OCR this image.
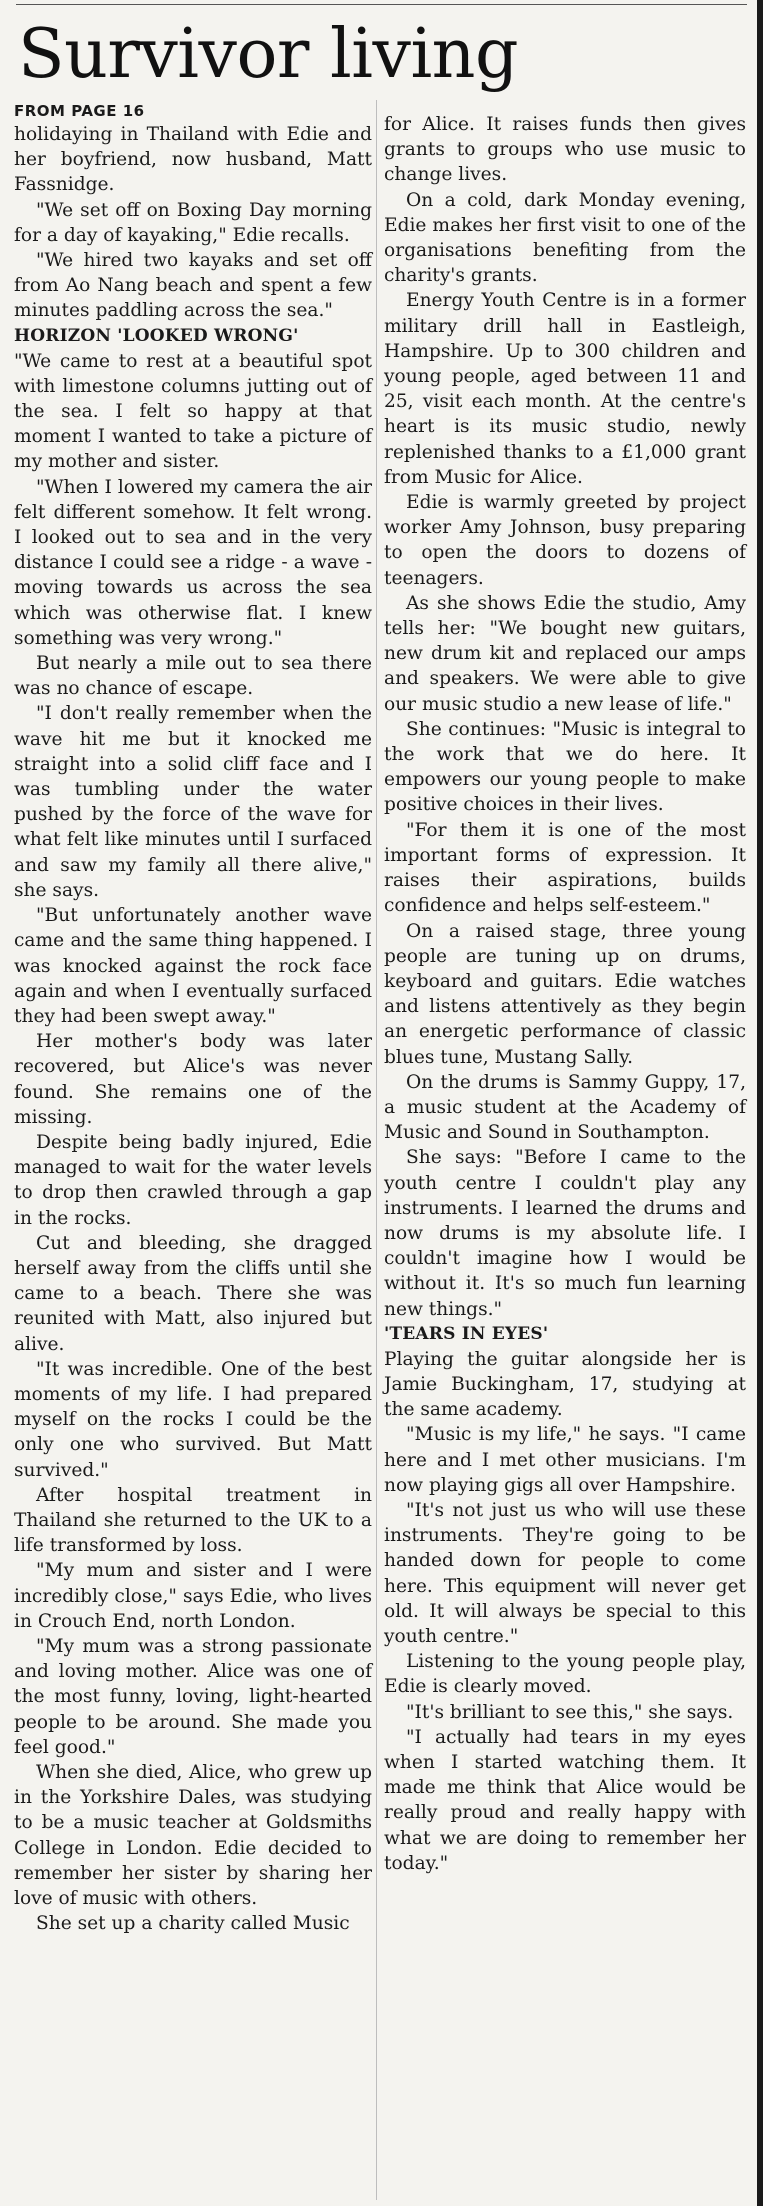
Survivor living
FROM PAGE 16

holidaying in Thailand with Edie and her boyfriend, now husband, Matt Fassnidge.

"We set off on Boxing Day morning for a day of kayaking," Edie recalls.

"We hired two kayaks and set off from Ao Nang beach and spent a few minutes paddling across the sea."

HORIZON 'LOOKED WRONG'

"We came to rest at a beautiful spot with limestone columns jutting out of the sea. I felt so happy at that moment I wanted to take a picture of my mother and sister.

"When I lowered my camera the air felt different somehow. It felt wrong. I looked out to sea and in the very distance I could see a ridge - a wave - moving towards us across the sea which was otherwise flat. I knew something was very wrong."

But nearly a mile out to sea there was no chance of escape.

"I don't really remember when the wave hit me but it knocked me straight into a solid cliff face and I was tumbling under the water pushed by the force of the wave for what felt like minutes until I surfaced and saw my family all there alive," she says.

"But unfortunately another wave came and the same thing happened. I was knocked against the rock face again and when I eventually surfaced they had been swept away."

Her mother's body was later recovered, but Alice's was never found. She remains one of the missing.

Despite being badly injured, Edie managed to wait for the water levels to drop then crawled through a gap in the rocks.

Cut and bleeding, she dragged herself away from the cliffs until she came to a beach. There she was reunited with Matt, also injured but alive.

"It was incredible. One of the best moments of my life. I had prepared myself on the rocks I could be the only one who survived. But Matt survived."

After hospital treatment in Thailand she returned to the UK to a life transformed by loss.

"My mum and sister and I were incredibly close," says Edie, who lives in Crouch End, north London.

"My mum was a strong passionate and loving mother. Alice was one of the most funny, loving, light-hearted people to be around. She made you feel good."

When she died, Alice, who grew up in the Yorkshire Dales, was studying to be a music teacher at Goldsmiths College in London. Edie decided to remember her sister by sharing her love of music with others.

She set up a charity called Music

for Alice. It raises funds then gives grants to groups who use music to change lives.

On a cold, dark Monday evening, Edie makes her first visit to one of the organisations benefiting from the charity's grants.

Energy Youth Centre is in a former military drill hall in Eastleigh, Hampshire. Up to 300 children and young people, aged between 11 and 25, visit each month. At the centre's heart is its music studio, newly replenished thanks to a £1,000 grant from Music for Alice.

Edie is warmly greeted by project worker Amy Johnson, busy preparing to open the doors to dozens of teenagers.

As she shows Edie the studio, Amy tells her: "We bought new guitars, new drum kit and replaced our amps and speakers. We were able to give our music studio a new lease of life."

She continues: "Music is integral to the work that we do here. It empowers our young people to make positive choices in their lives.

"For them it is one of the most important forms of expression. It raises their aspirations, builds confidence and helps self-esteem."

On a raised stage, three young people are tuning up on drums, keyboard and guitars. Edie watches and listens attentively as they begin an energetic performance of classic blues tune, Mustang Sally.

On the drums is Sammy Guppy, 17, a music student at the Academy of Music and Sound in Southampton.

She says: "Before I came to the youth centre I couldn't play any instruments. I learned the drums and now drums is my absolute life. I couldn't imagine how I would be without it. It's so much fun learning new things."

'TEARS IN EYES'

Playing the guitar alongside her is Jamie Buckingham, 17, studying at the same academy.

"Music is my life," he says. "I came here and I met other musicians. I'm now playing gigs all over Hampshire.

"It's not just us who will use these instruments. They're going to be handed down for people to come here. This equipment will never get old. It will always be special to this youth centre."

Listening to the young people play, Edie is clearly moved.

"It's brilliant to see this," she says.

"I actually had tears in my eyes when I started watching them. It made me think that Alice would be really proud and really happy with what we are doing to remember her today."
